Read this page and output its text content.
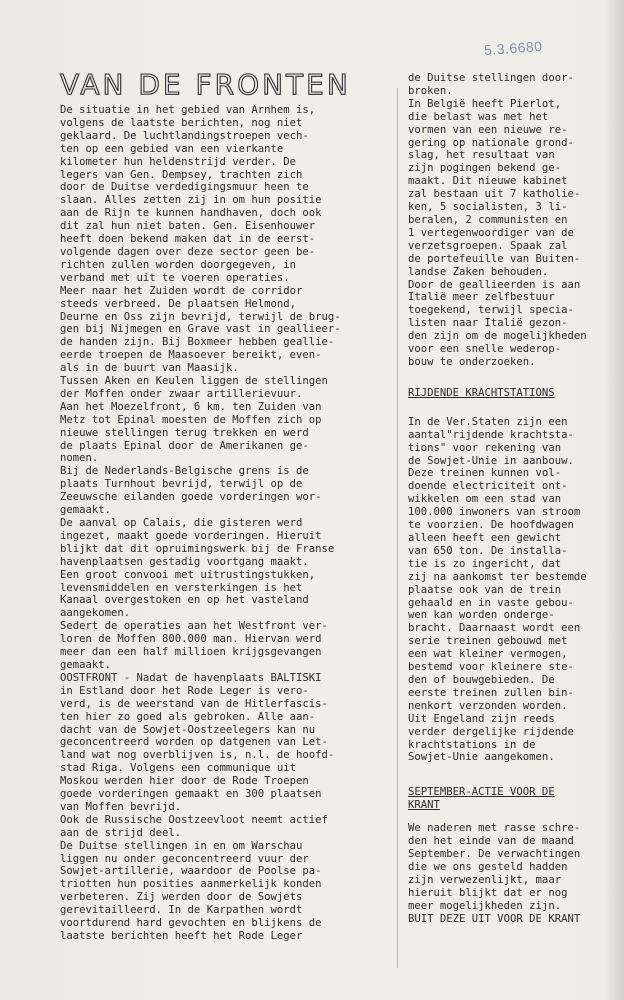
5.3.6680
VAN DE FRONTEN
De situatie in het gebied van Arnhem is,
volgens de laatste berichten, nog niet
geklaard. De luchtlandingstroepen vech-
ten op een gebied van een vierkante
kilometer hun heldenstrijd verder. De
legers van Gen. Dempsey, trachten zich
door de Duitse verdedigingsmuur heen te
slaan. Alles zetten zij in om hun positie
aan de Rijn te kunnen handhaven, doch ook
dit zal hun niet baten. Gen. Eisenhouwer
heeft doen bekend maken dat in de eerst-
volgende dagen over deze sector geen be-
richten zullen worden doorgegeven, in
verband met uit te voeren operaties.
Meer naar het Zuiden wordt de corridor
steeds verbreed. De plaatsen Helmond,
Deurne en Oss zijn bevrijd, terwijl de brug-
gen bij Nijmegen en Grave vast in geallieer-
de handen zijn. Bij Boxmeer hebben geallie-
eerde troepen de Maasoever bereikt, even-
als in de buurt van Maasijk.
Tussen Aken en Keulen liggen de stellingen
der Moffen onder zwaar artillerievuur.
Aan het Moezelfront, 6 km. ten Zuiden van
Metz tot Epinal moesten de Moffen zich op
nieuwe stellingen terug trekken en werd
de plaats Epinal door de Amerikanen ge-
nomen.
Bij de Nederlands-Belgische grens is de
plaats Turnhout bevrijd, terwijl op de
Zeeuwsche eilanden goede vorderingen wor-
gemaakt.
De aanval op Calais, die gisteren werd
ingezet, maakt goede vorderingen. Hieruit
blijkt dat dit opruimingswerk bij de Franse
havenplaatsen gestadig voortgang maakt.
Een groot convooi met uitrustingstukken,
levensmiddelen en versterkingen is het
Kanaal overgestoken en op het vasteland
aangekomen.
Sedert de operaties aan het Westfront ver-
loren de Moffen 800.000 man. Hiervan werd
meer dan een half millioen krijgsgevangen
gemaakt.
OOSTFRONT - Nadat de havenplaats BALTISKI
in Estland door het Rode Leger is vero-
verd, is de weerstand van de Hitlerfascis-
ten hier zo goed als gebroken. Alle aan-
dacht van de Sowjet-Oostzeelegers kan nu
geconcentreerd worden op datgenen van Let-
land wat nog overblijven is, n.l. de hoofd-
stad Riga. Volgens een communique uit
Moskou werden hier door de Rode Troepen
goede vorderingen gemaakt en 300 plaatsen
van Moffen bevrijd.
Ook de Russische Oostzeevloot neemt actief
aan de strijd deel.
De Duitse stellingen in en om Warschau
liggen nu onder geconcentreerd vuur der
Sowjet-artillerie, waardoor de Poolse pa-
triotten hun posities aanmerkelijk konden
verbeteren. Zij werden door de Sowjets
gerevitailleerd. In de Karpathen wordt
voortdurend hard gevochten en blijkens de
laatste berichten heeft het Rode Leger
de Duitse stellingen door-
broken.
In België heeft Pierlot,
die belast was met het
vormen van een nieuwe re-
gering op nationale grond-
slag, het resultaat van
zijn pogingen bekend ge-
maakt. Dit nieuwe kabinet
zal bestaan uit 7 katholie-
ken, 5 socialisten, 3 li-
beralen, 2 communisten en
1 vertegenwoordiger van de
verzetsgroepen. Spaak zal
de portefeuille van Buiten-
landse Zaken behouden.
Door de geallieerden is aan
Italië meer zelfbestuur
toegekend, terwijl specia-
listen naar Italië gezon-
den zijn om de mogelijkheden
voor een snelle wederop-
bouw te onderzoeken.
RIJDENDE KRACHTSTATIONS
In de Ver.Staten zijn een
aantal"rijdende krachtsta-
tions" voor rekening van
de Sowjet-Unie in aanbouw.
Deze treinen kunnen vol-
doende electriciteit ont-
wikkelen om een stad van
100.000 inwoners van stroom
te voorzien. De hoofdwagen
alleen heeft een gewicht
van 650 ton. De installa-
tie is zo ingericht, dat
zij na aankomst ter bestemde
plaatse ook van de trein
gehaald en in vaste gebou-
wen kan worden onderge-
bracht. Daarnaast wordt een
serie treinen gebouwd met
een wat kleiner vermogen,
bestemd voor kleinere ste-
den of bouwgebieden. De
eerste treinen zullen bin-
nenkort verzonden worden.
Uit Engeland zijn reeds
verder dergelijke rijdende
krachtstations in de
Sowjet-Unie aangekomen.
SEPTEMBER-ACTIE VOOR DE
KRANT
We naderen met rasse schre-
den het einde van de maand
September. De verwachtingen
die we ons gesteld hadden
zijn verwezenlijkt, maar
hieruit blijkt dat er nog
meer mogelijkheden zijn.
BUIT DEZE UIT VOOR DE KRANT
